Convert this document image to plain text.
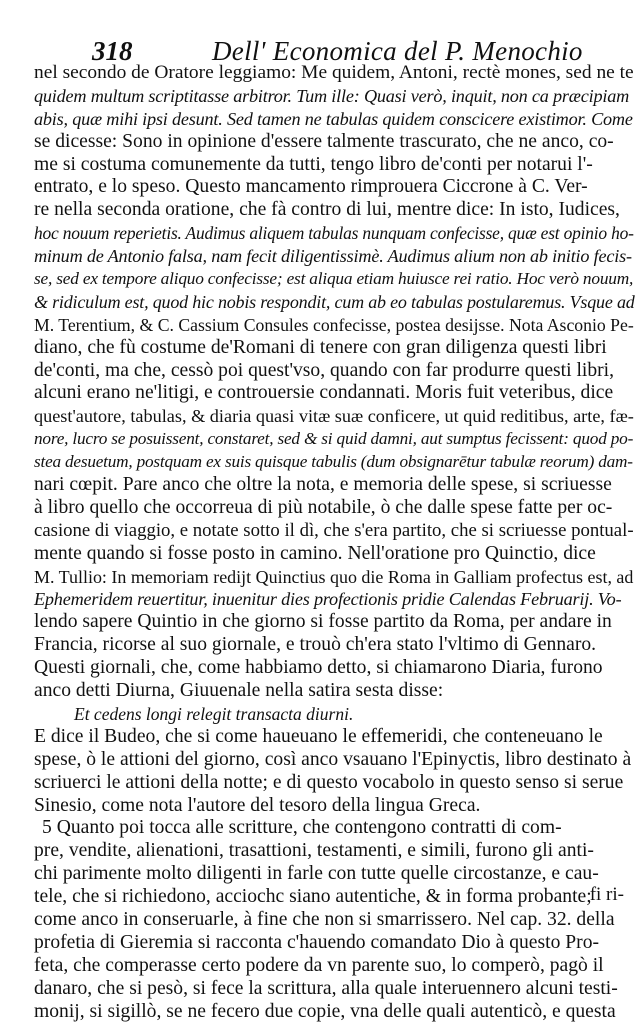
318	Dell' Economica del P. Menochio
nel secondo de Oratore leggiamo: Me quidem, Antoni, rectè mones, sed ne te
quidem multum scriptitasse arbitror. Tum ille: Quasi verò, inquit, non ca præcipiam
abis, quæ mihi ipsi desunt. Sed tamen ne tabulas quidem conscicere existimor. Come
se dicesse: Sono in opinione d'essere talmente trascurato, che ne anco, co-
me si costuma comunemente da tutti, tengo libro de'conti per notarui l'-
entrato, e lo speso. Questo mancamento rimprouera Ciccrone à C. Ver-
re nella seconda oratione, che fà contro di lui, mentre dice: In isto, Iudices,
hoc nouum reperietis. Audimus aliquem tabulas nunquam confecisse, quæ est opinio ho-
minum de Antonio falsa, nam fecit diligentissimè. Audimus alium non ab initio fecis-
se, sed ex tempore aliquo confecisse; est aliqua etiam huiusce rei ratio. Hoc verò nouum,
& ridiculum est, quod hic nobis respondit, cum ab eo tabulas postularemus. Vsque ad
M. Terentium, & C. Cassium Consules confecisse, postea desijsse. Nota Asconio Pe-
diano, che fù costume de'Romani di tenere con gran diligenza questi libri
de'conti, ma che, cessò poi quest'vso, quando con far produrre questi libri,
alcuni erano ne'litigi, e controuersie condannati. Moris fuit veteribus, dice
quest'autore, tabulas, & diaria quasi vitæ suæ conficere, ut quid reditibus, arte, fæ-
nore, lucro se posuissent, constaret, sed & si quid damni, aut sumptus fecissent: quod po-
stea desuetum, postquam ex suis quisque tabulis (dum obsignarētur tabulæ reorum) dam-
nari cœpit. Pare anco che oltre la nota, e memoria delle spese, si scriuesse
à libro quello che occorreua di più notabile, ò che dalle spese fatte per oc-
casione di viaggio, e notate sotto il dì, che s'era partito, che si scriuesse pontual-
mente quando si fosse posto in camino. Nell'oratione pro Quinctio, dice
M. Tullio: In memoriam redijt Quinctius quo die Roma in Galliam profectus est, ad
Ephemeridem reuertitur, inuenitur dies profectionis pridie Calendas Februarij. Vo-
lendo sapere Quintio in che giorno si fosse partito da Roma, per andare in
Francia, ricorse al suo giornale, e trouò ch'era stato l'vltimo di Gennaro.
Questi giornali, che, come habbiamo detto, si chiamarono Diaria, furono
anco detti Diurna, Giuuenale nella satira sesta disse:
Et cedens longi relegit transacta diurni.
E dice il Budeo, che si come haueuano le effemeridi, che conteneuano le
spese, ò le attioni del giorno, così anco vsauano l'Epinyctis, libro destinato à
scriuerci le attioni della notte; e di questo vocabolo in questo senso si serue
Sinesio, come nota l'autore del tesoro della lingua Greca.
5 Quanto poi tocca alle scritture, che contengono contratti di com-
pre, vendite, alienationi, trasattioni, testamenti, e simili, furono gli anti-
chi parimente molto diligenti in farle con tutte quelle circostanze, e cau-
tele, che si richiedono, acciochc siano autentiche, & in forma probante;
come anco in conseruarle, à fine che non si smarrissero. Nel cap. 32. della
profetia di Gieremia si racconta c'hauendo comandato Dio à questo Pro-
feta, che comperasse certo podere da vn parente suo, lo comperò, pagò il
danaro, che si pesò, si fece la scrittura, alla quale interuennero alcuni testi-
monij, si sigillò, se ne fecero due copie, vna delle quali autenticò, e questa
fi ri-
